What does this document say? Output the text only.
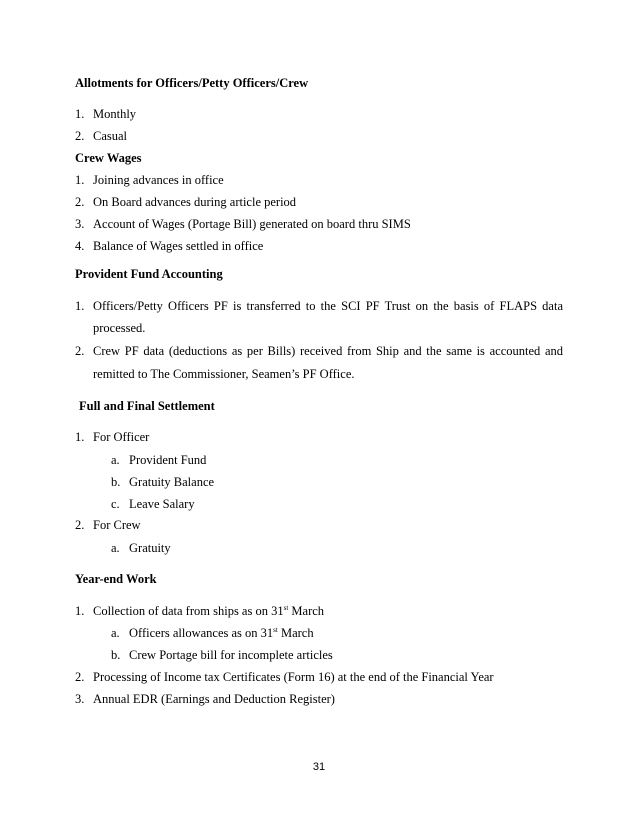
Allotments for Officers/Petty Officers/Crew
1. Monthly
2. Casual
Crew Wages
1. Joining advances in office
2. On Board advances during article period
3. Account of Wages (Portage Bill) generated on board thru SIMS
4. Balance of Wages settled in office
Provident Fund Accounting
1. Officers/Petty Officers PF is transferred to the SCI PF Trust on the basis of FLAPS data
processed.
2. Crew PF data (deductions as per Bills) received from Ship and the same is accounted and
remitted to The Commissioner, Seamen’s PF Office.
Full and Final Settlement
1. For Officer
a. Provident Fund
b. Gratuity Balance
c. Leave Salary
2. For Crew
a. Gratuity
Year-end Work
1. Collection of data from ships as on 31st March
a. Officers allowances as on 31st March
b. Crew Portage bill for incomplete articles
2. Processing of Income tax Certificates (Form 16) at the end of the Financial Year
3. Annual EDR (Earnings and Deduction Register)
31
